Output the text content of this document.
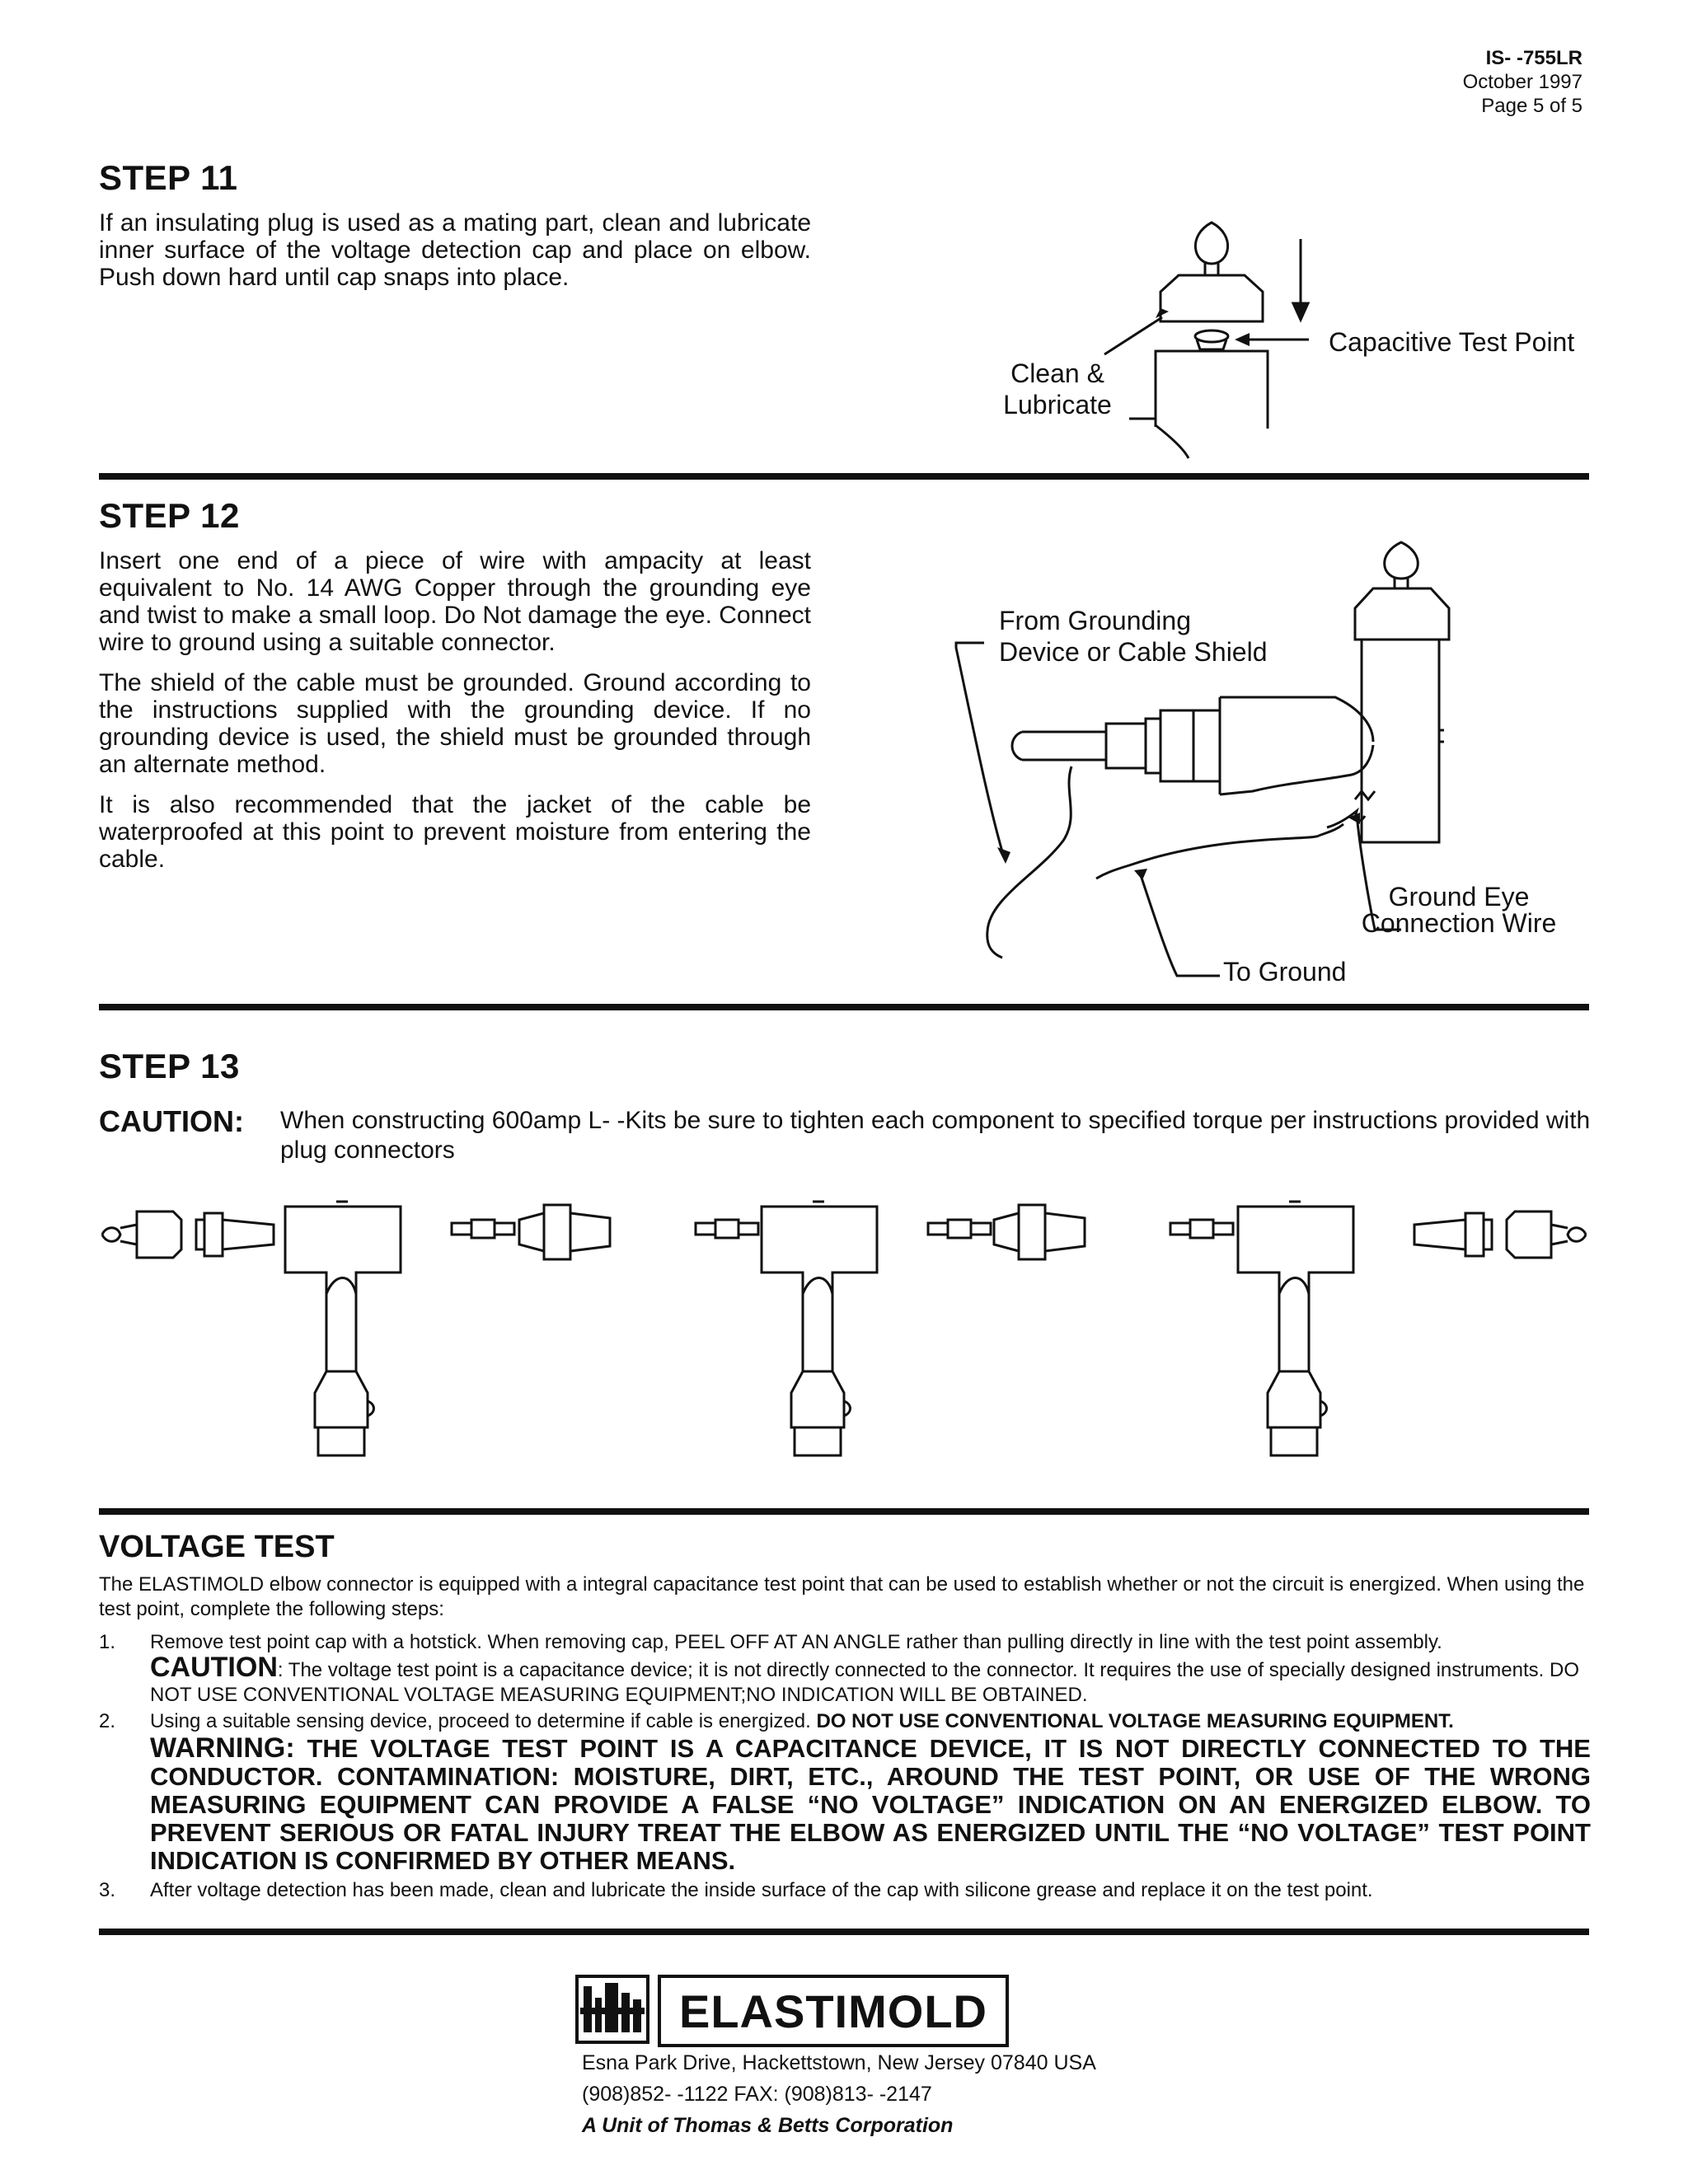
IS- -755LR
October 1997
Page 5 of 5
STEP 11
If an insulating plug is used as a mating part, clean and lubricate inner surface of the voltage detection cap and place on elbow. Push down hard until cap snaps into place.
Capacitive Test Point
Clean &
Lubricate
STEP 12
Insert one end of a piece of wire with ampacity at least equivalent to No. 14 AWG Copper through the grounding eye and twist to make a small loop. Do Not damage the eye. Connect wire to ground using a suitable connector.
The shield of the cable must be grounded. Ground according to the instructions supplied with the grounding device. If no grounding device is used, the shield must be grounded through an alternate method.
It is also recommended that the jacket of the cable be waterproofed at this point to prevent moisture from entering the cable.
From Grounding
Device or Cable Shield
Ground Eye
Connection Wire
To Ground
STEP 13
CAUTION: When constructing 600amp L- -Kits be sure to tighten each component to specified torque per instructions provided with plug connectors
VOLTAGE TEST
The ELASTIMOLD elbow connector is equipped with a integral capacitance test point that can be used to establish whether or not the circuit is energized. When using the test point, complete the following steps:
1. Remove test point cap with a hotstick. When removing cap, PEEL OFF AT AN ANGLE rather than pulling directly in line with the test point assembly.
CAUTION: The voltage test point is a capacitance device; it is not directly connected to the connector. It requires the use of specially designed instruments. DO NOT USE CONVENTIONAL VOLTAGE MEASURING EQUIPMENT;NO INDICATION WILL BE OBTAINED.
2. Using a suitable sensing device, proceed to determine if cable is energized. DO NOT USE CONVENTIONAL VOLTAGE MEASURING EQUIPMENT.
WARNING: THE VOLTAGE TEST POINT IS A CAPACITANCE DEVICE, IT IS NOT DIRECTLY CONNECTED TO THE CONDUCTOR. CONTAMINATION: MOISTURE, DIRT, ETC., AROUND THE TEST POINT, OR USE OF THE WRONG MEASURING EQUIPMENT CAN PROVIDE A FALSE “NO VOLTAGE” INDICATION ON AN ENERGIZED ELBOW. TO PREVENT SERIOUS OR FATAL INJURY TREAT THE ELBOW AS ENERGIZED UNTIL THE “NO VOLTAGE” TEST POINT INDICATION IS CONFIRMED BY OTHER MEANS.
3. After voltage detection has been made, clean and lubricate the inside surface of the cap with silicone grease and replace it on the test point.
ELASTIMOLD
Esna Park Drive, Hackettstown, New Jersey 07840 USA
(908)852- -1122 FAX: (908)813- -2147
A Unit of Thomas & Betts Corporation
